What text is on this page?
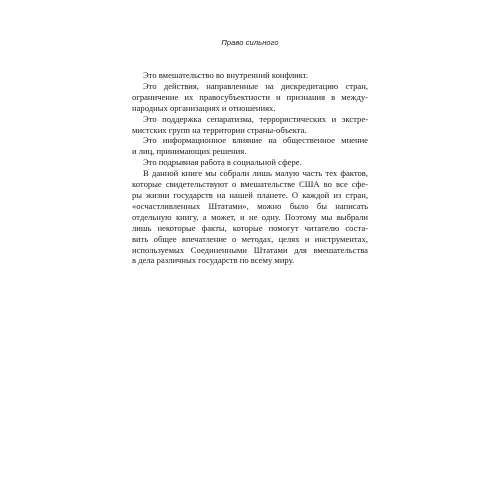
Право сильного

Это вмешательство во внутренний конфликт.

Это действия, направленные на дискредитацию стран,
ограничение их правосубъектности и признания в между-
народных организациях и отношениях.

Это поддержка сепаратизма, террористических и экстре-
мистских групп на территории страны-объекта.

Это информационное влияние на общественное мнение
и лиц, принимающих решения.

Это подрывная работа в социальной сфере.

В данной книге мы собрали лишь малую часть тех фактов,
которые свидетельствуют о вмешательстве США во все сфе-
ры жизни государств на нашей планете. О каждой из стран,
«осчастливленных Штатами», можно было бы написать
отдельную книгу, а может, и не одну. Поэтому мы выбрали
лишь некоторые факты, которые помогут читателю соста-
вить общее впечатление о методах, целях и инструментах,
используемых Соединенными Штатами для вмешательства
в дела различных государств по всему миру.
